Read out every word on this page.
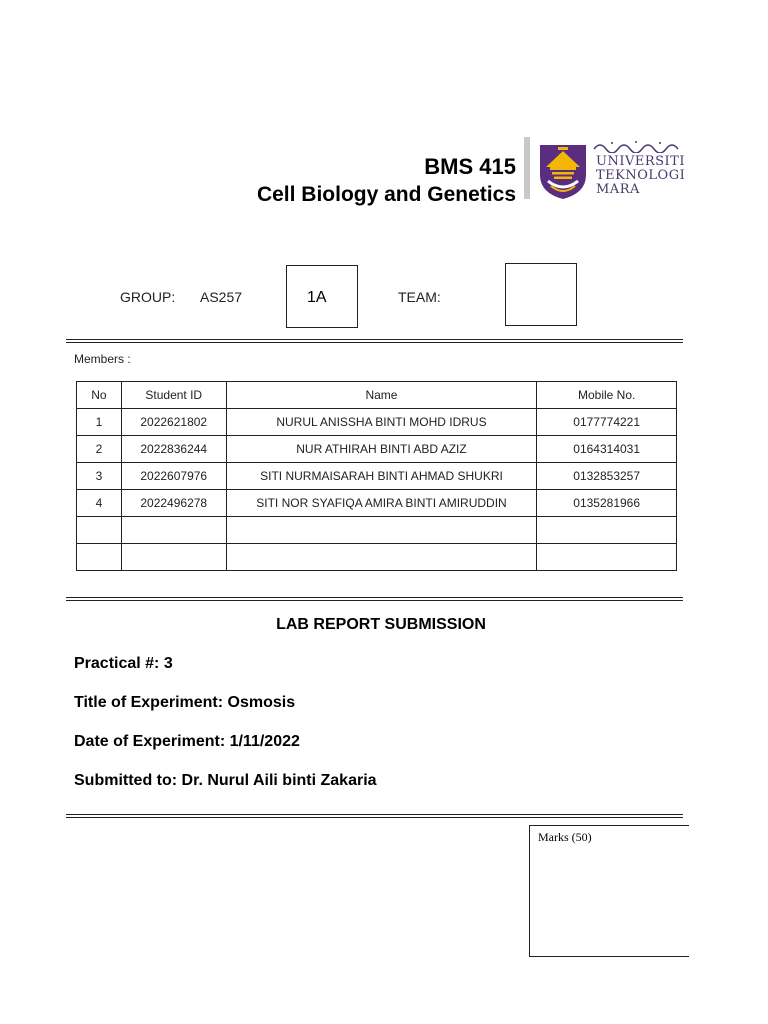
BMS 415
Cell Biology and Genetics
UNIVERSITI
TEKNOLOGI
MARA
GROUP: AS257	1A	TEAM:
Members :
No	Student ID	Name	Mobile No.
1	2022621802	NURUL ANISSHA BINTI MOHD IDRUS	0177774221
2	2022836244	NUR ATHIRAH BINTI ABD AZIZ	0164314031
3	2022607976	SITI NURMAISARAH BINTI AHMAD SHUKRI	0132853257
4	2022496278	SITI NOR SYAFIQA AMIRA BINTI AMIRUDDIN	0135281966

LAB REPORT SUBMISSION
Practical #: 3
Title of Experiment: Osmosis
Date of Experiment: 1/11/2022
Submitted to: Dr. Nurul Aili binti Zakaria
Marks (50)
